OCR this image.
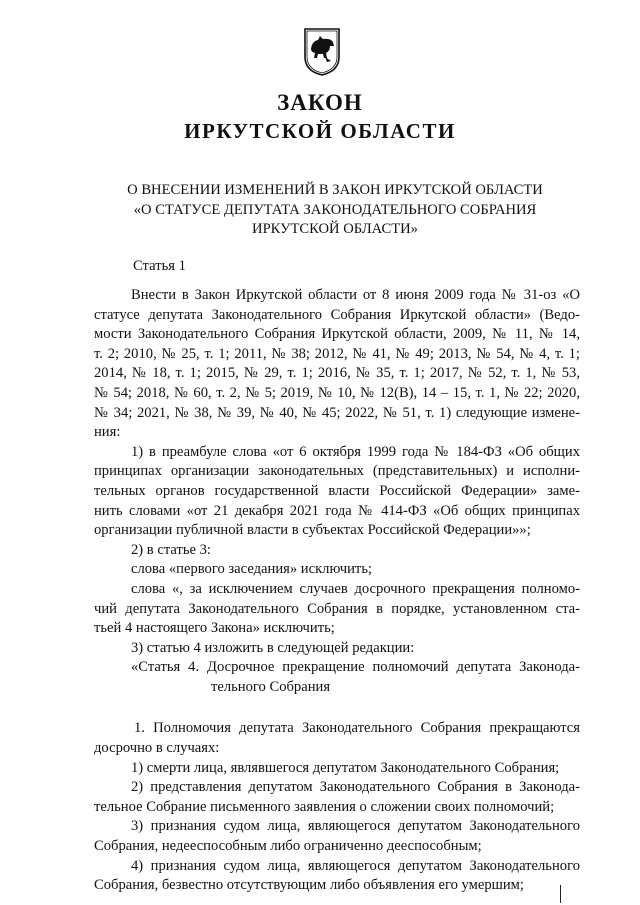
ЗАКОН
ИРКУТСКОЙ ОБЛАСТИ
О ВНЕСЕНИИ ИЗМЕНЕНИЙ В ЗАКОН ИРКУТСКОЙ ОБЛАСТИ
«О СТАТУСЕ ДЕПУТАТА ЗАКОНОДАТЕЛЬНОГО СОБРАНИЯ
ИРКУТСКОЙ ОБЛАСТИ»
Статья 1
Внести в Закон Иркутской области от 8 июня 2009 года № 31-оз «О
статусе депутата Законодательного Собрания Иркутской области» (Ведо-
мости Законодательного Собрания Иркутской области, 2009, № 11, № 14,
т. 2; 2010, № 25, т. 1; 2011, № 38; 2012, № 41, № 49; 2013, № 54, № 4, т. 1;
2014, № 18, т. 1; 2015, № 29, т. 1; 2016, № 35, т. 1; 2017, № 52, т. 1, № 53,
№ 54; 2018, № 60, т. 2, № 5; 2019, № 10, № 12(В), 14 – 15, т. 1, № 22; 2020,
№ 34; 2021, № 38, № 39, № 40, № 45; 2022, № 51, т. 1) следующие измене-
ния:
1) в преамбуле слова «от 6 октября 1999 года № 184-ФЗ «Об общих
принципах организации законодательных (представительных) и исполни-
тельных органов государственной власти Российской Федерации» заме-
нить словами «от 21 декабря 2021 года № 414-ФЗ «Об общих принципах
организации публичной власти в субъектах Российской Федерации»»;
2) в статье 3:
слова «первого заседания» исключить;
слова «, за исключением случаев досрочного прекращения полномо-
чий депутата Законодательного Собрания в порядке, установленном ста-
тьей 4 настоящего Закона» исключить;
3) статью 4 изложить в следующей редакции:
«Статья 4. Досрочное прекращение полномочий депутата Законода-
тельного Собрания
1. Полномочия депутата Законодательного Собрания прекращаются
досрочно в случаях:
1) смерти лица, являвшегося депутатом Законодательного Собрания;
2) представления депутатом Законодательного Собрания в Законода-
тельное Собрание письменного заявления о сложении своих полномочий;
3) признания судом лица, являющегося депутатом Законодательного
Собрания, недееспособным либо ограниченно дееспособным;
4) признания судом лица, являющегося депутатом Законодательного
Собрания, безвестно отсутствующим либо объявления его умершим;
